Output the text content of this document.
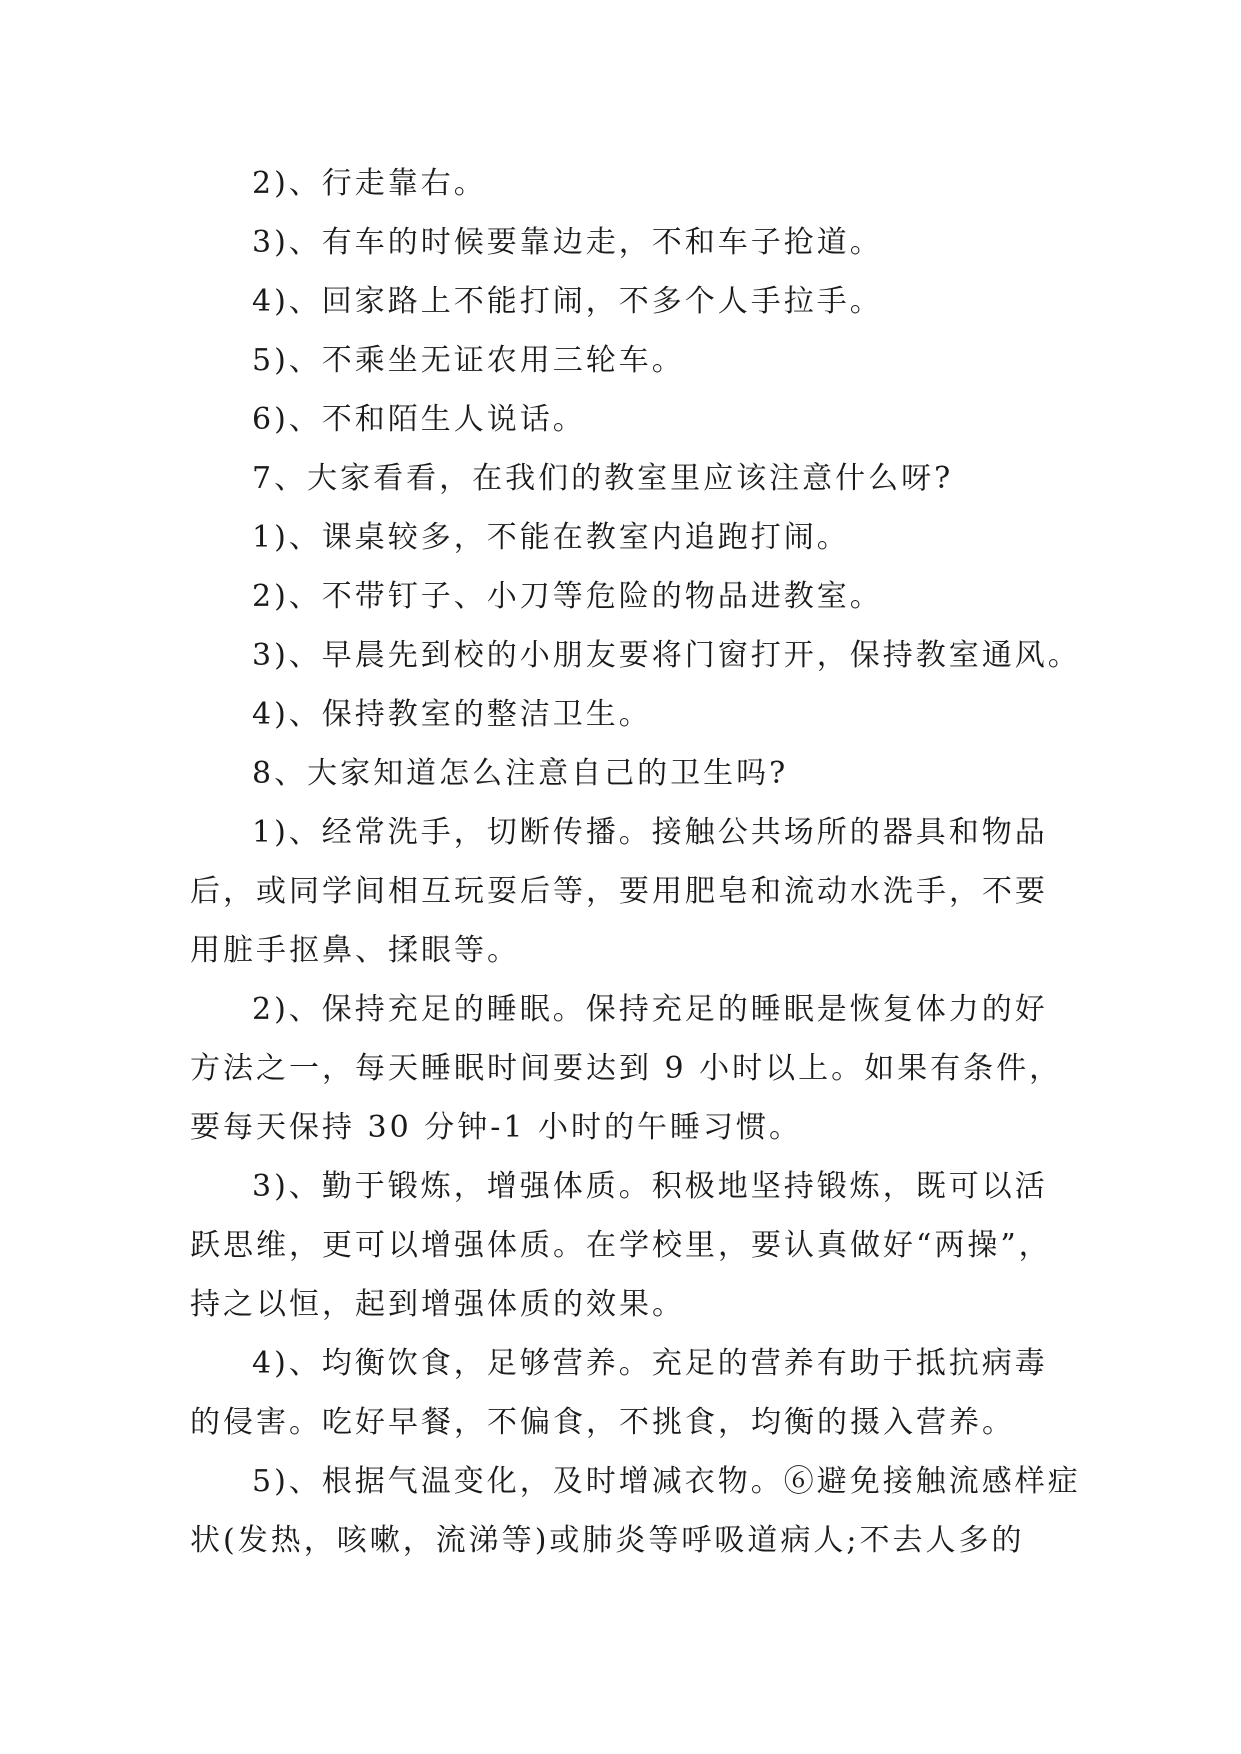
2)、行走靠右。
3)、有车的时候要靠边走，不和车子抢道。
4)、回家路上不能打闹，不多个人手拉手。
5)、不乘坐无证农用三轮车。
6)、不和陌生人说话。
7、大家看看，在我们的教室里应该注意什么呀?
1)、课桌较多，不能在教室内追跑打闹。
2)、不带钉子、小刀等危险的物品进教室。
3)、早晨先到校的小朋友要将门窗打开，保持教室通风。
4)、保持教室的整洁卫生。
8、大家知道怎么注意自己的卫生吗?
1)、经常洗手，切断传播。接触公共场所的器具和物品
后，或同学间相互玩耍后等，要用肥皂和流动水洗手，不要
用脏手抠鼻、揉眼等。
2)、保持充足的睡眠。保持充足的睡眠是恢复体力的好
方法之一，每天睡眠时间要达到 9 小时以上。如果有条件，
要每天保持 30 分钟-1 小时的午睡习惯。
3)、勤于锻炼，增强体质。积极地坚持锻炼，既可以活
跃思维，更可以增强体质。在学校里，要认真做好“两操”，
持之以恒，起到增强体质的效果。
4)、均衡饮食，足够营养。充足的营养有助于抵抗病毒
的侵害。吃好早餐，不偏食，不挑食，均衡的摄入营养。
5)、根据气温变化，及时增减衣物。⑥避免接触流感样症
状(发热，咳嗽，流涕等)或肺炎等呼吸道病人;不去人多的
